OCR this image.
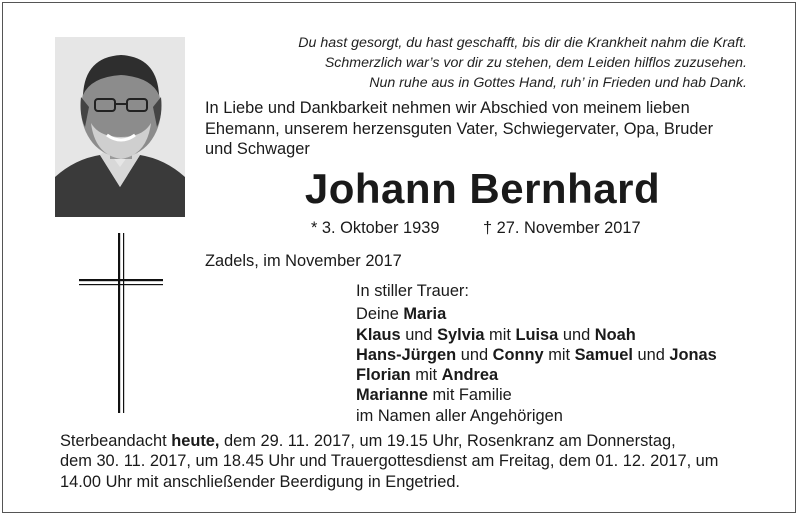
Du hast gesorgt, du hast geschafft, bis dir die Krankheit nahm die Kraft.
Schmerzlich war’s vor dir zu stehen, dem Leiden hilflos zuzusehen.
Nun ruhe aus in Gottes Hand, ruh’ in Frieden und hab Dank.
In Liebe und Dankbarkeit nehmen wir Abschied von meinem lieben
Ehemann, unserem herzensguten Vater, Schwiegervater, Opa, Bruder
und Schwager
Johann Bernhard
* 3. Oktober 1939	† 27. November 2017
Zadels, im November 2017
In stiller Trauer:
Deine Maria
Klaus und Sylvia mit Luisa und Noah
Hans-Jürgen und Conny mit Samuel und Jonas
Florian mit Andrea
Marianne mit Familie
im Namen aller Angehörigen
Sterbeandacht heute, dem 29. 11. 2017, um 19.15 Uhr, Rosenkranz am Donnerstag,
dem 30. 11. 2017, um 18.45 Uhr und Trauergottesdienst am Freitag, dem 01. 12. 2017, um
14.00 Uhr mit anschließender Beerdigung in Engetried.
